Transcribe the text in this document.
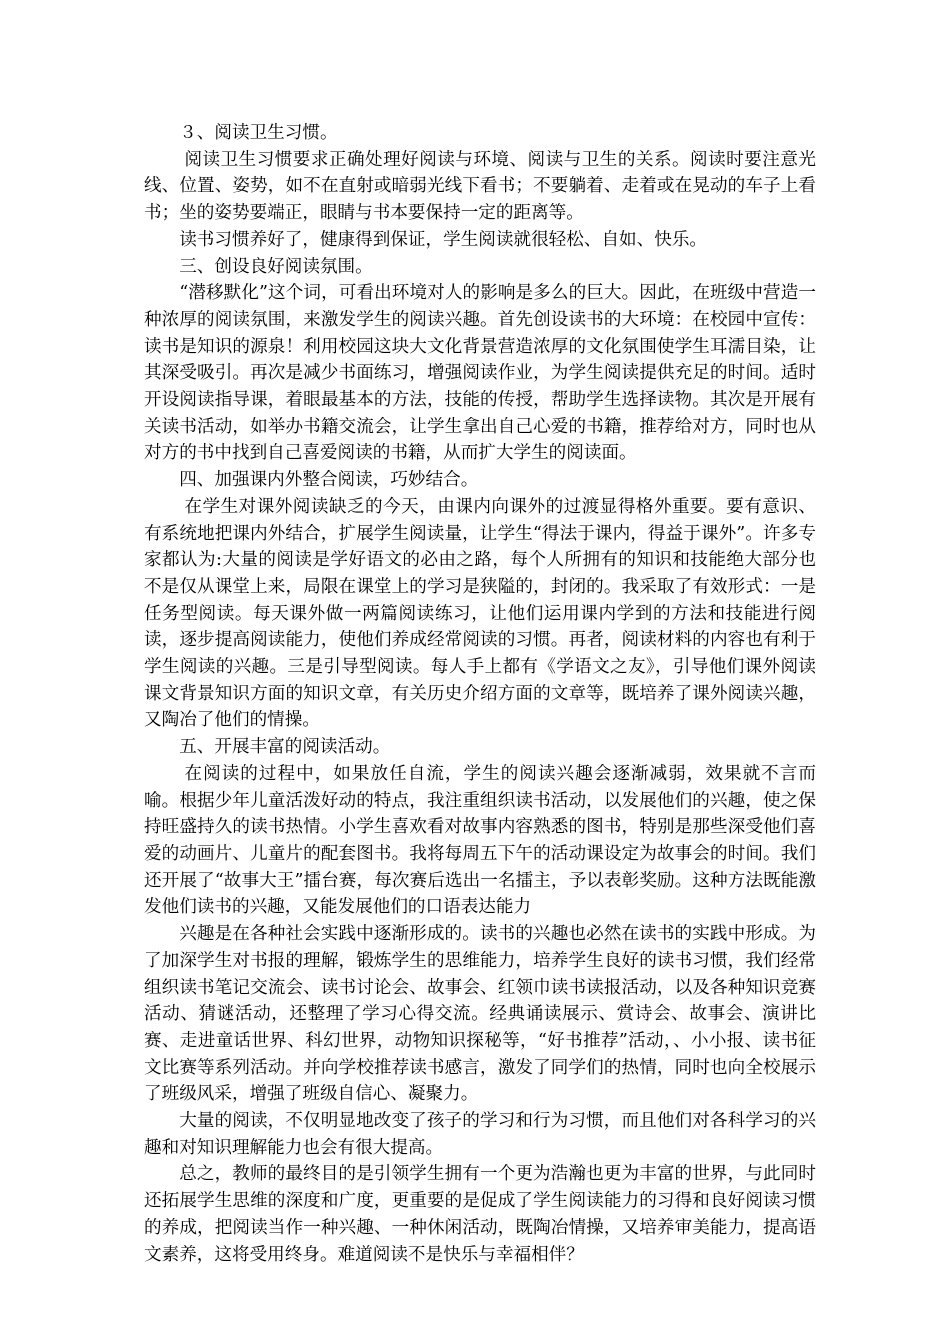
３、阅读卫生习惯。

阅读卫生习惯要求正确处理好阅读与环境、阅读与卫生的关系。阅读时要注意光线、位置、姿势，如不在直射或暗弱光线下看书；不要躺着、走着或在晃动的车子上看书；坐的姿势要端正，眼睛与书本要保持一定的距离等。

读书习惯养好了，健康得到保证，学生阅读就很轻松、自如、快乐。

三、创设良好阅读氛围。

“潜移默化”这个词，可看出环境对人的影响是多么的巨大。因此，在班级中营造一种浓厚的阅读氛围，来激发学生的阅读兴趣。首先创设读书的大环境：在校园中宣传：读书是知识的源泉！利用校园这块大文化背景营造浓厚的文化氛围使学生耳濡目染，让其深受吸引。再次是减少书面练习，增强阅读作业，为学生阅读提供充足的时间。适时开设阅读指导课，着眼最基本的方法，技能的传授，帮助学生选择读物。其次是开展有关读书活动，如举办书籍交流会，让学生拿出自己心爱的书籍，推荐给对方，同时也从对方的书中找到自己喜爱阅读的书籍，从而扩大学生的阅读面。

四、加强课内外整合阅读，巧妙结合。

在学生对课外阅读缺乏的今天，由课内向课外的过渡显得格外重要。要有意识、有系统地把课内外结合，扩展学生阅读量，让学生“得法于课内，得益于课外”。许多专家都认为:大量的阅读是学好语文的必由之路，每个人所拥有的知识和技能绝大部分也不是仅从课堂上来，局限在课堂上的学习是狭隘的，封闭的。我采取了有效形式：一是任务型阅读。每天课外做一两篇阅读练习，让他们运用课内学到的方法和技能进行阅读，逐步提高阅读能力，使他们养成经常阅读的习惯。再者，阅读材料的内容也有利于学生阅读的兴趣。三是引导型阅读。每人手上都有《学语文之友》，引导他们课外阅读课文背景知识方面的知识文章，有关历史介绍方面的文章等，既培养了课外阅读兴趣，又陶冶了他们的情操。

五、开展丰富的阅读活动。

在阅读的过程中，如果放任自流，学生的阅读兴趣会逐渐减弱，效果就不言而喻。根据少年儿童活泼好动的特点，我注重组织读书活动，以发展他们的兴趣，使之保持旺盛持久的读书热情。小学生喜欢看对故事内容熟悉的图书，特别是那些深受他们喜爱的动画片、儿童片的配套图书。我将每周五下午的活动课设定为故事会的时间。我们还开展了“故事大王”擂台赛，每次赛后选出一名擂主，予以表彰奖励。这种方法既能激发他们读书的兴趣，又能发展他们的口语表达能力

兴趣是在各种社会实践中逐渐形成的。读书的兴趣也必然在读书的实践中形成。为了加深学生对书报的理解，锻炼学生的思维能力，培养学生良好的读书习惯，我们经常组织读书笔记交流会、读书讨论会、故事会、红领巾读书读报活动，以及各种知识竞赛活动、猜谜活动，还整理了学习心得交流。经典诵读展示、赏诗会、故事会、演讲比赛、走进童话世界、科幻世界，动物知识探秘等，“好书推荐”活动，、小小报、读书征文比赛等系列活动。并向学校推荐读书感言，激发了同学们的热情，同时也向全校展示了班级风采，增强了班级自信心、凝聚力。

大量的阅读，不仅明显地改变了孩子的学习和行为习惯，而且他们对各科学习的兴趣和对知识理解能力也会有很大提高。

总之，教师的最终目的是引领学生拥有一个更为浩瀚也更为丰富的世界，与此同时还拓展学生思维的深度和广度，更重要的是促成了学生阅读能力的习得和良好阅读习惯的养成，把阅读当作一种兴趣、一种休闲活动，既陶冶情操，又培养审美能力，提高语文素养，这将受用终身。难道阅读不是快乐与幸福相伴？
